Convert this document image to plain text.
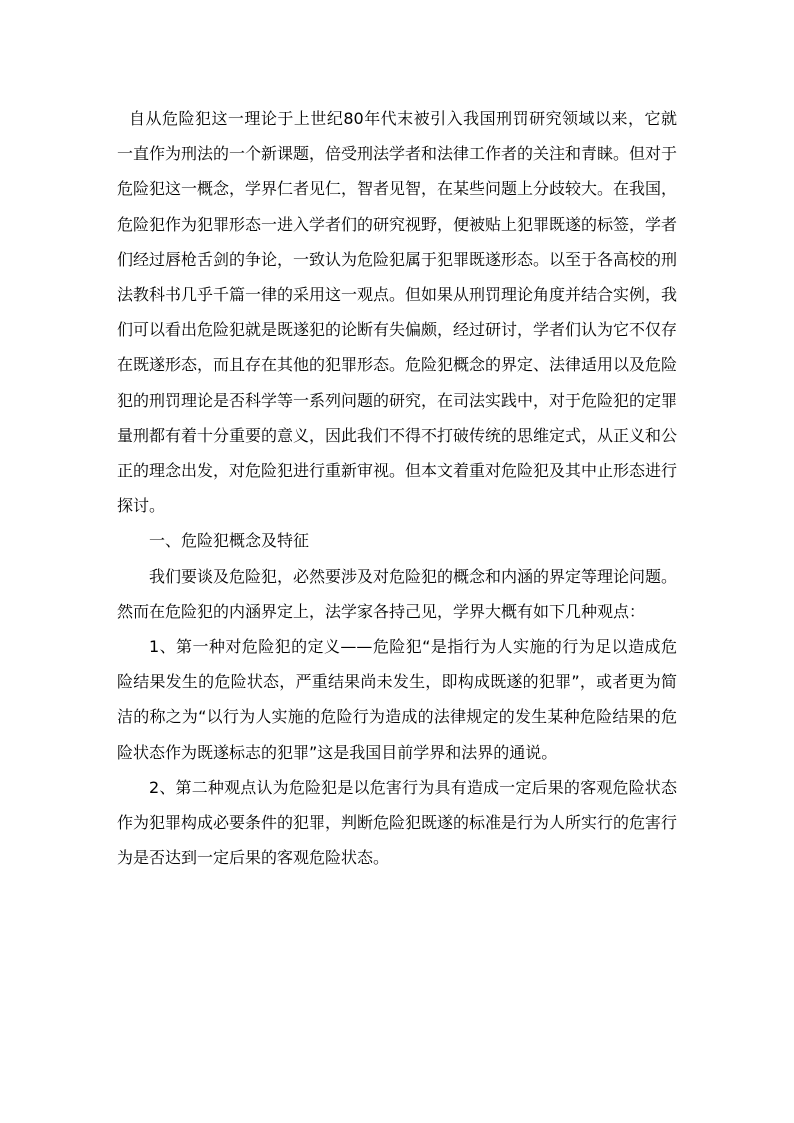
自从危险犯这一理论于上世纪80年代末被引入我国刑罚研究领域以来，它就一直作为刑法的一个新课题，倍受刑法学者和法律工作者的关注和青睐。但对于危险犯这一概念，学界仁者见仁，智者见智，在某些问题上分歧较大。在我国，危险犯作为犯罪形态一进入学者们的研究视野，便被贴上犯罪既遂的标签，学者们经过唇枪舌剑的争论，一致认为危险犯属于犯罪既遂形态。以至于各高校的刑法教科书几乎千篇一律的采用这一观点。但如果从刑罚理论角度并结合实例，我们可以看出危险犯就是既遂犯的论断有失偏颇，经过研讨，学者们认为它不仅存在既遂形态，而且存在其他的犯罪形态。危险犯概念的界定、法律适用以及危险犯的刑罚理论是否科学等一系列问题的研究，在司法实践中，对于危险犯的定罪量刑都有着十分重要的意义，因此我们不得不打破传统的思维定式，从正义和公正的理念出发，对危险犯进行重新审视。但本文着重对危险犯及其中止形态进行探讨。

一、危险犯概念及特征

我们要谈及危险犯，必然要涉及对危险犯的概念和内涵的界定等理论问题。然而在危险犯的内涵界定上，法学家各持己见，学界大概有如下几种观点：

1、第一种对危险犯的定义——危险犯“是指行为人实施的行为足以造成危险结果发生的危险状态，严重结果尚未发生，即构成既遂的犯罪”，或者更为简洁的称之为“以行为人实施的危险行为造成的法律规定的发生某种危险结果的危险状态作为既遂标志的犯罪”这是我国目前学界和法界的通说。

2、第二种观点认为危险犯是以危害行为具有造成一定后果的客观危险状态作为犯罪构成必要条件的犯罪，判断危险犯既遂的标准是行为人所实行的危害行为是否达到一定后果的客观危险状态。
